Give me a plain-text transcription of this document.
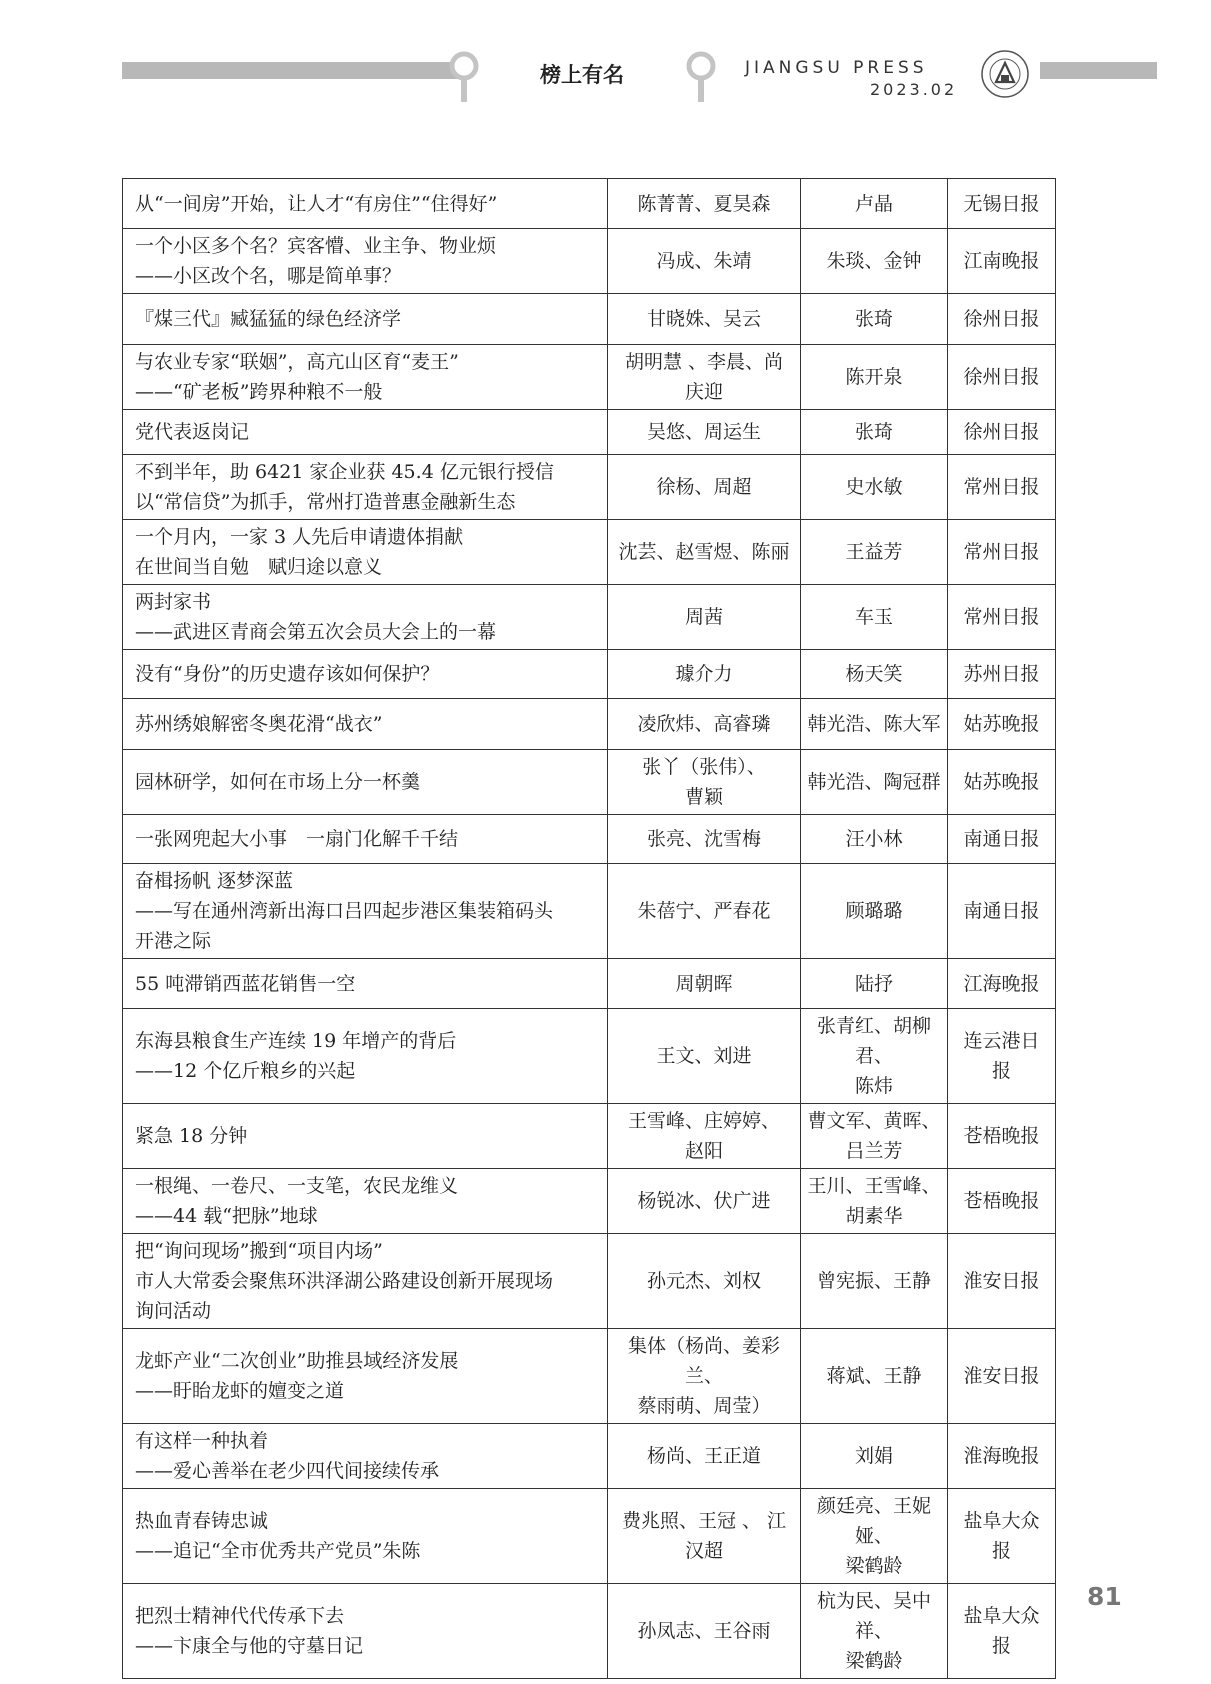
榜上有名	JIANGSU PRESS
2023.02
从“一间房”开始，让人才“有房住”“住得好”	陈菁菁、夏昊森	卢晶	无锡日报

一个小区多个名？宾客懵、业主争、物业烦
——小区改个名，哪是简单事？	冯成、朱靖	朱琰、金钟	江南晚报

『煤三代』臧猛猛的绿色经济学	甘晓姝、吴云	张琦	徐州日报

与农业专家“联姻”，高亢山区育“麦王”
——“矿老板”跨界种粮不一般	胡明慧 、李晨、尚
庆迎	陈开泉	徐州日报

党代表返岗记	吴悠、周运生	张琦	徐州日报

不到半年，助 6421 家企业获 45.4 亿元银行授信
以“常信贷”为抓手，常州打造普惠金融新生态	徐杨、周超	史水敏	常州日报

一个月内，一家 3 人先后申请遗体捐献
在世间当自勉　赋归途以意义	沈芸、赵雪煜、陈丽	王益芳	常州日报

两封家书
——武进区青商会第五次会员大会上的一幕	周茜	车玉	常州日报

没有“身份”的历史遗存该如何保护？	璩介力	杨天笑	苏州日报

苏州绣娘解密冬奥花滑“战衣”	凌欣炜、高睿璘	韩光浩、陈大军	姑苏晚报

园林研学，如何在市场上分一杯羹	张丫（张伟）、
曹颖	韩光浩、陶冠群	姑苏晚报

一张网兜起大小事　一扇门化解千千结	张亮、沈雪梅	汪小林	南通日报

奋楫扬帆 逐梦深蓝
——写在通州湾新出海口吕四起步港区集装箱码头
开港之际	朱蓓宁、严春花	顾璐璐	南通日报

55 吨滞销西蓝花销售一空	周朝晖	陆抒	江海晚报

东海县粮食生产连续 19 年增产的背后
——12 个亿斤粮乡的兴起	王文、刘进	张青红、胡柳君、
陈炜	连云港日
报

紧急 18 分钟	王雪峰、庄婷婷、
赵阳	曹文军、黄晖、
吕兰芳	苍梧晚报

一根绳、一卷尺、一支笔，农民龙维义
——44 载“把脉”地球	杨锐冰、伏广进	王川、王雪峰、
胡素华	苍梧晚报

把“询问现场”搬到“项目内场”
市人大常委会聚焦环洪泽湖公路建设创新开展现场
询问活动	孙元杰、刘权	曾宪振、王静	淮安日报

龙虾产业“二次创业”助推县域经济发展
——盱眙龙虾的嬗变之道	集体（杨尚、姜彩兰、
蔡雨萌、周莹）	蒋斌、王静	淮安日报

有这样一种执着
——爱心善举在老少四代间接续传承	杨尚、王正道	刘娟	淮海晚报

热血青春铸忠诚
——追记“全市优秀共产党员”朱陈	费兆照、王冠 、 江
汉超	颜廷亮、王妮娅、
梁鹤龄	盐阜大众
报

把烈士精神代代传承下去
——卞康全与他的守墓日记	孙凤志、王谷雨	杭为民、吴中祥、
梁鹤龄	盐阜大众
报
81
